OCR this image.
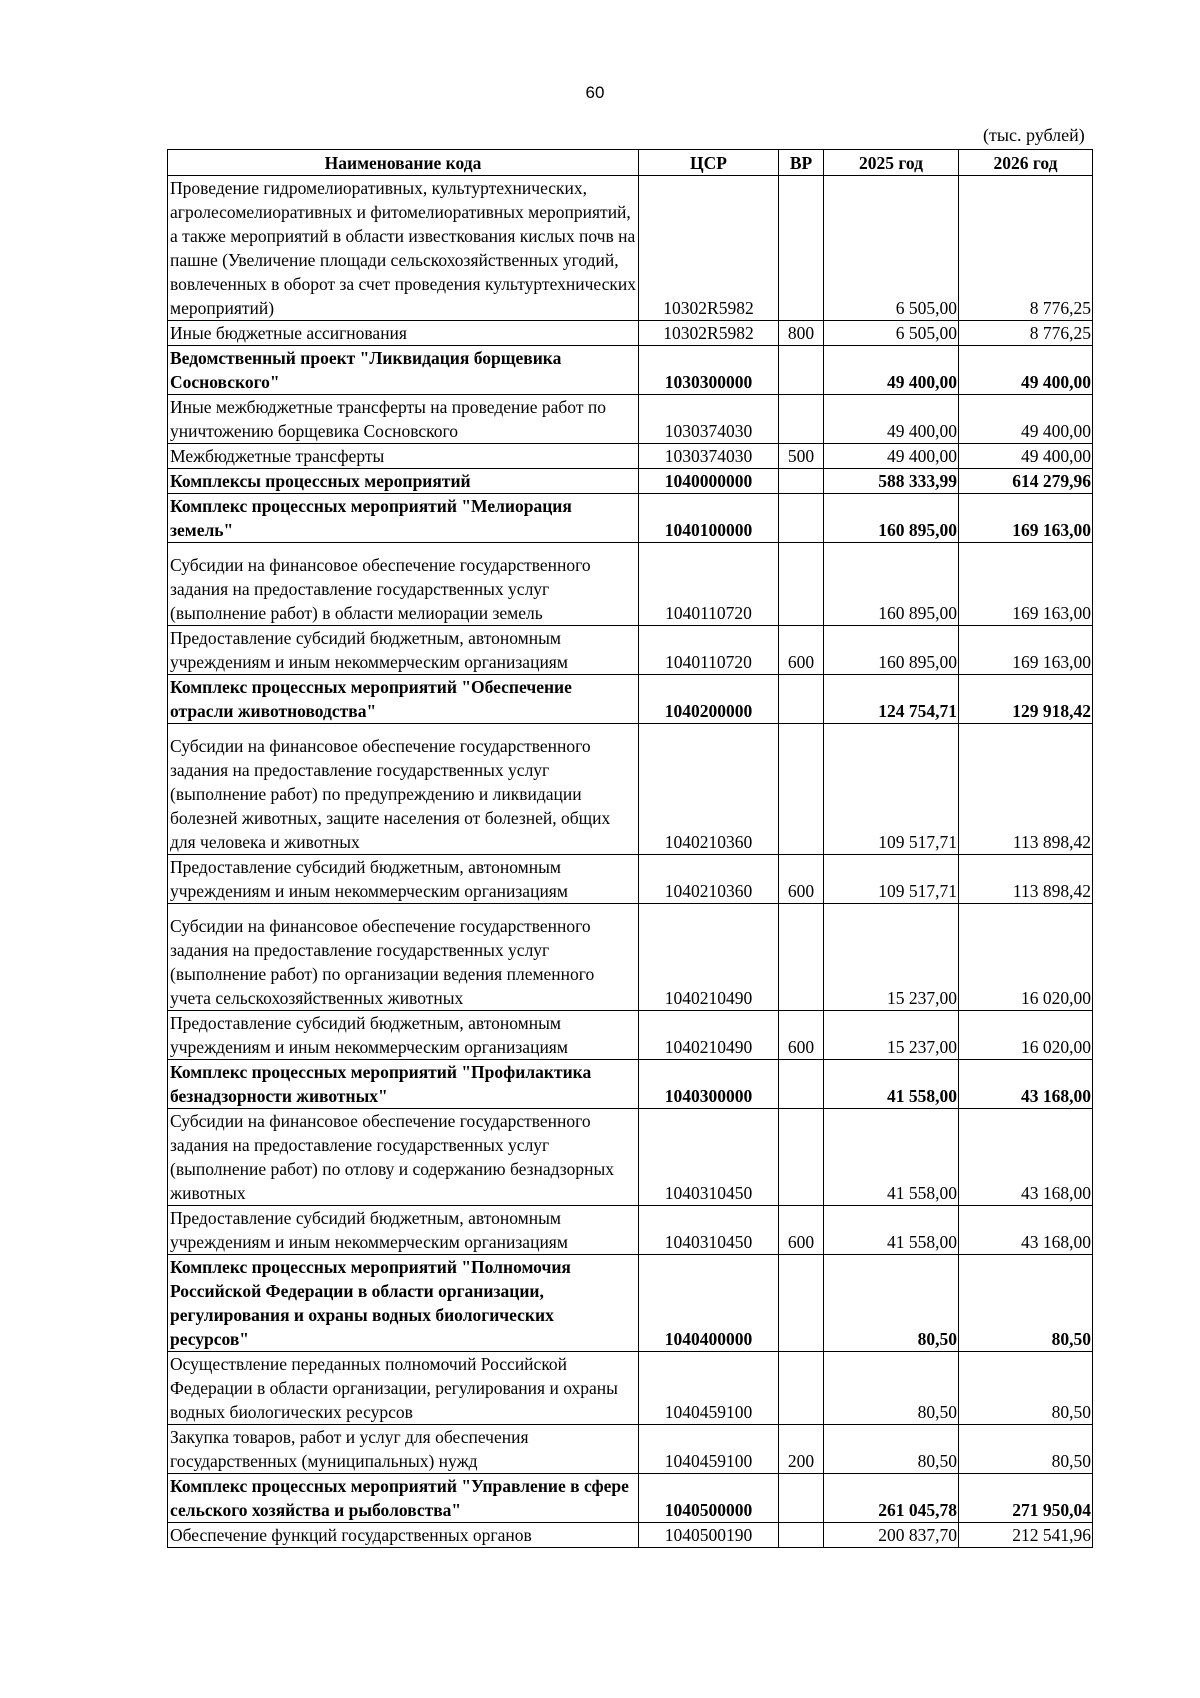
60
(тыс. рублей)
Наименование кода	ЦСР	ВР	2025 год	2026 год
Проведение гидромелиоративных, культуртехнических, агролесомелиоративных и фитомелиоративных мероприятий, а также мероприятий в области известкования кислых почв на пашне (Увеличение площади сельскохозяйственных угодий, вовлеченных в оборот за счет проведения культуртехнических мероприятий)	10302R5982		6 505,00	8 776,25
Иные бюджетные ассигнования	10302R5982	800	6 505,00	8 776,25
Ведомственный проект "Ликвидация борщевика Сосновского"	1030300000		49 400,00	49 400,00
Иные межбюджетные трансферты на проведение работ по уничтожению борщевика Сосновского	1030374030		49 400,00	49 400,00
Межбюджетные трансферты	1030374030	500	49 400,00	49 400,00
Комплексы процессных мероприятий	1040000000		588 333,99	614 279,96
Комплекс процессных мероприятий "Мелиорация земель"	1040100000		160 895,00	169 163,00
Субсидии на финансовое обеспечение государственного задания на предоставление государственных услуг (выполнение работ) в области мелиорации земель	1040110720		160 895,00	169 163,00
Предоставление субсидий бюджетным, автономным учреждениям и иным некоммерческим организациям	1040110720	600	160 895,00	169 163,00
Комплекс процессных мероприятий "Обеспечение отрасли животноводства"	1040200000		124 754,71	129 918,42
Субсидии на финансовое обеспечение государственного задания на предоставление государственных услуг (выполнение работ) по предупреждению и ликвидации болезней животных, защите населения от болезней, общих для человека и животных	1040210360		109 517,71	113 898,42
Предоставление субсидий бюджетным, автономным учреждениям и иным некоммерческим организациям	1040210360	600	109 517,71	113 898,42
Субсидии на финансовое обеспечение государственного задания на предоставление государственных услуг (выполнение работ) по организации ведения племенного учета сельскохозяйственных животных	1040210490		15 237,00	16 020,00
Предоставление субсидий бюджетным, автономным учреждениям и иным некоммерческим организациям	1040210490	600	15 237,00	16 020,00
Комплекс процессных мероприятий "Профилактика безнадзорности животных"	1040300000		41 558,00	43 168,00
Субсидии на финансовое обеспечение государственного задания на предоставление государственных услуг (выполнение работ) по отлову и содержанию безнадзорных животных	1040310450		41 558,00	43 168,00
Предоставление субсидий бюджетным, автономным учреждениям и иным некоммерческим организациям	1040310450	600	41 558,00	43 168,00
Комплекс процессных мероприятий "Полномочия Российской Федерации в области организации, регулирования и охраны водных биологических ресурсов"	1040400000		80,50	80,50
Осуществление переданных полномочий Российской Федерации в области организации, регулирования и охраны водных биологических ресурсов	1040459100		80,50	80,50
Закупка товаров, работ и услуг для обеспечения государственных (муниципальных) нужд	1040459100	200	80,50	80,50
Комплекс процессных мероприятий "Управление в сфере сельского хозяйства и рыболовства"	1040500000		261 045,78	271 950,04
Обеспечение функций государственных органов	1040500190		200 837,70	212 541,96
